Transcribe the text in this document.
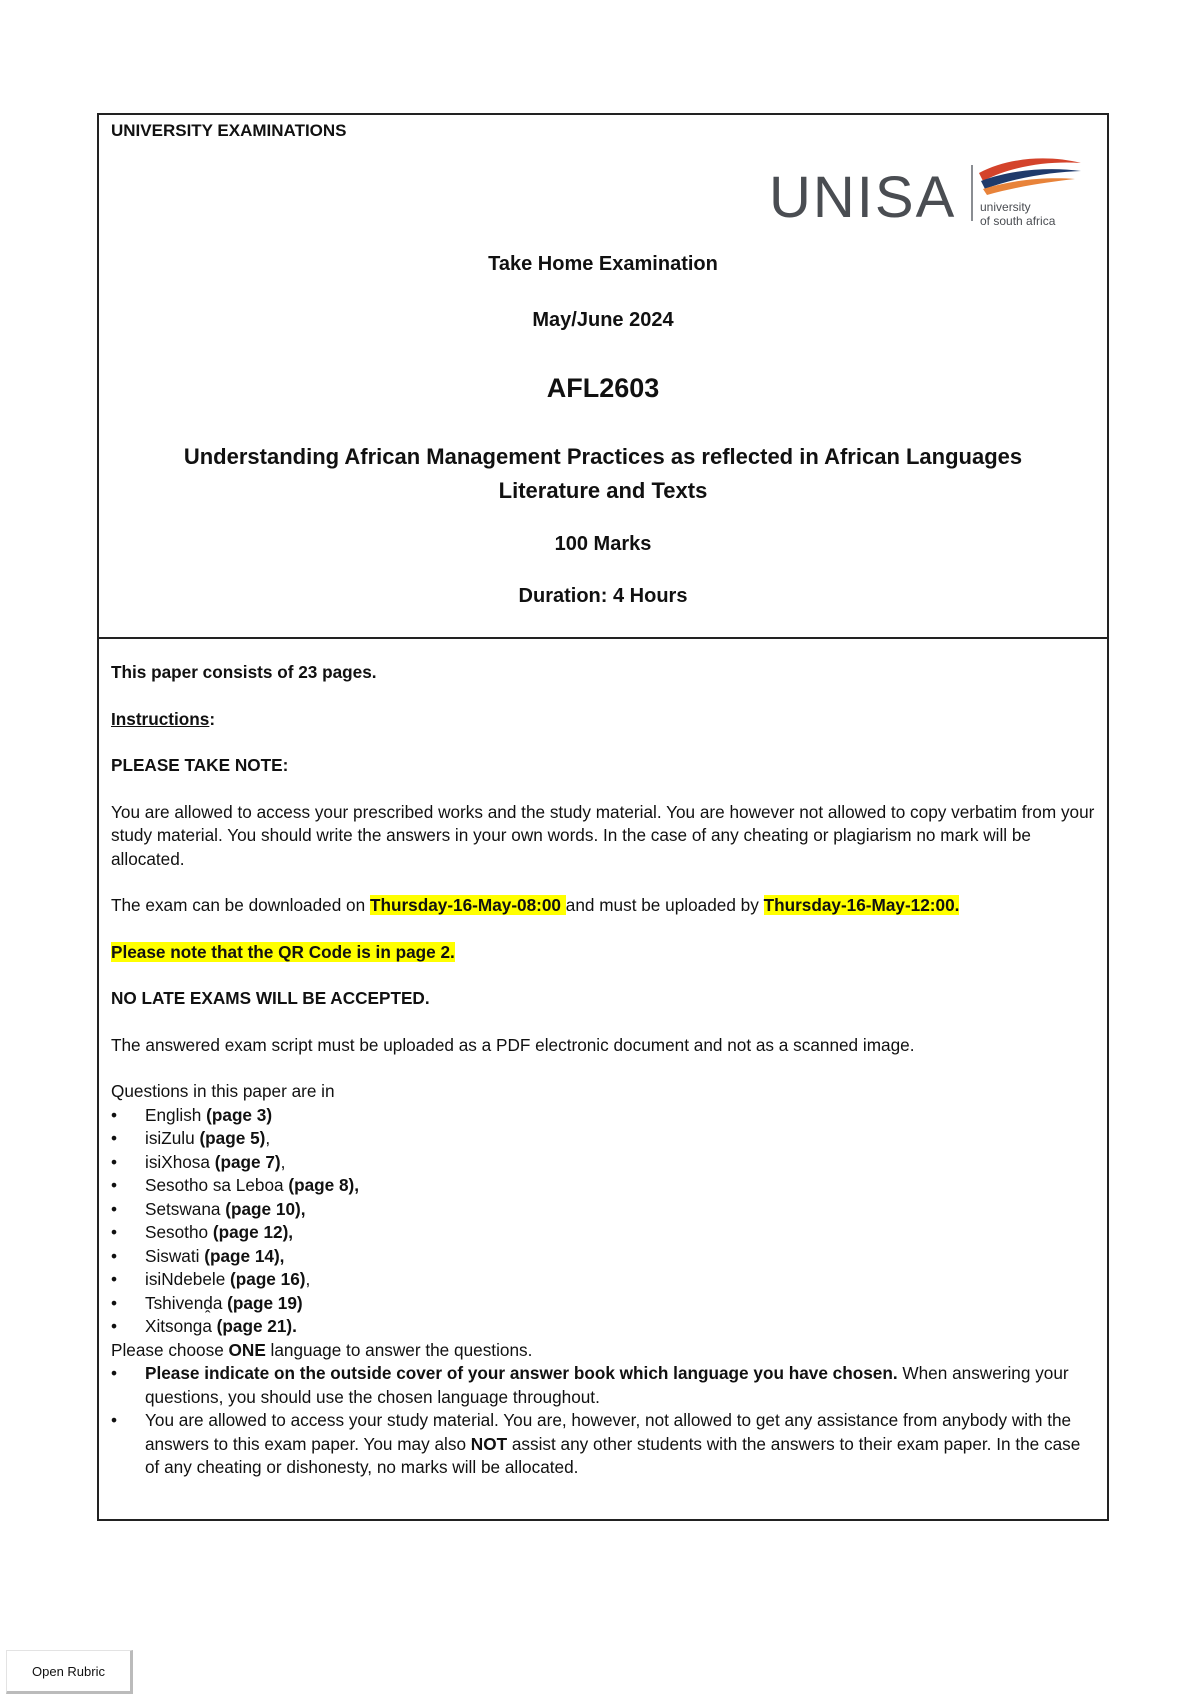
UNIVERSITY EXAMINATIONS
UNISA university
of south africa
Take Home Examination
May/June 2024
AFL2603
Understanding African Management Practices as reflected in African Languages Literature and Texts
100 Marks
Duration: 4 Hours

This paper consists of 23 pages.

Instructions:

PLEASE TAKE NOTE:

You are allowed to access your prescribed works and the study material. You are however not allowed to copy verbatim from your study material. You should write the answers in your own words. In the case of any cheating or plagiarism no mark will be allocated.

The exam can be downloaded on Thursday-16-May-08:00 and must be uploaded by Thursday-16-May-12:00.

Please note that the QR Code is in page 2.

NO LATE EXAMS WILL BE ACCEPTED.

The answered exam script must be uploaded as a PDF electronic document and not as a scanned image.

Questions in this paper are in

•	English (page 3)
•	isiZulu (page 5),
•	isiXhosa (page 7),
•	Sesotho sa Leboa (page 8),
•	Setswana (page 10),
•	Sesotho (page 12),
•	Siswati (page 14),
•	isiNdebele (page 16),
•	Tshivenḓa (page 19)
•	Xitsonga (page 21).

Please choose ONE language to answer the questions.

•	Please indicate on the outside cover of your answer book which language you have chosen. When answering your questions, you should use the chosen language throughout.
•	You are allowed to access your study material. You are, however, not allowed to get any assistance from anybody with the answers to this exam paper. You may also NOT assist any other students with the answers to their exam paper. In the case of any cheating or dishonesty, no marks will be allocated.
Open Rubric
